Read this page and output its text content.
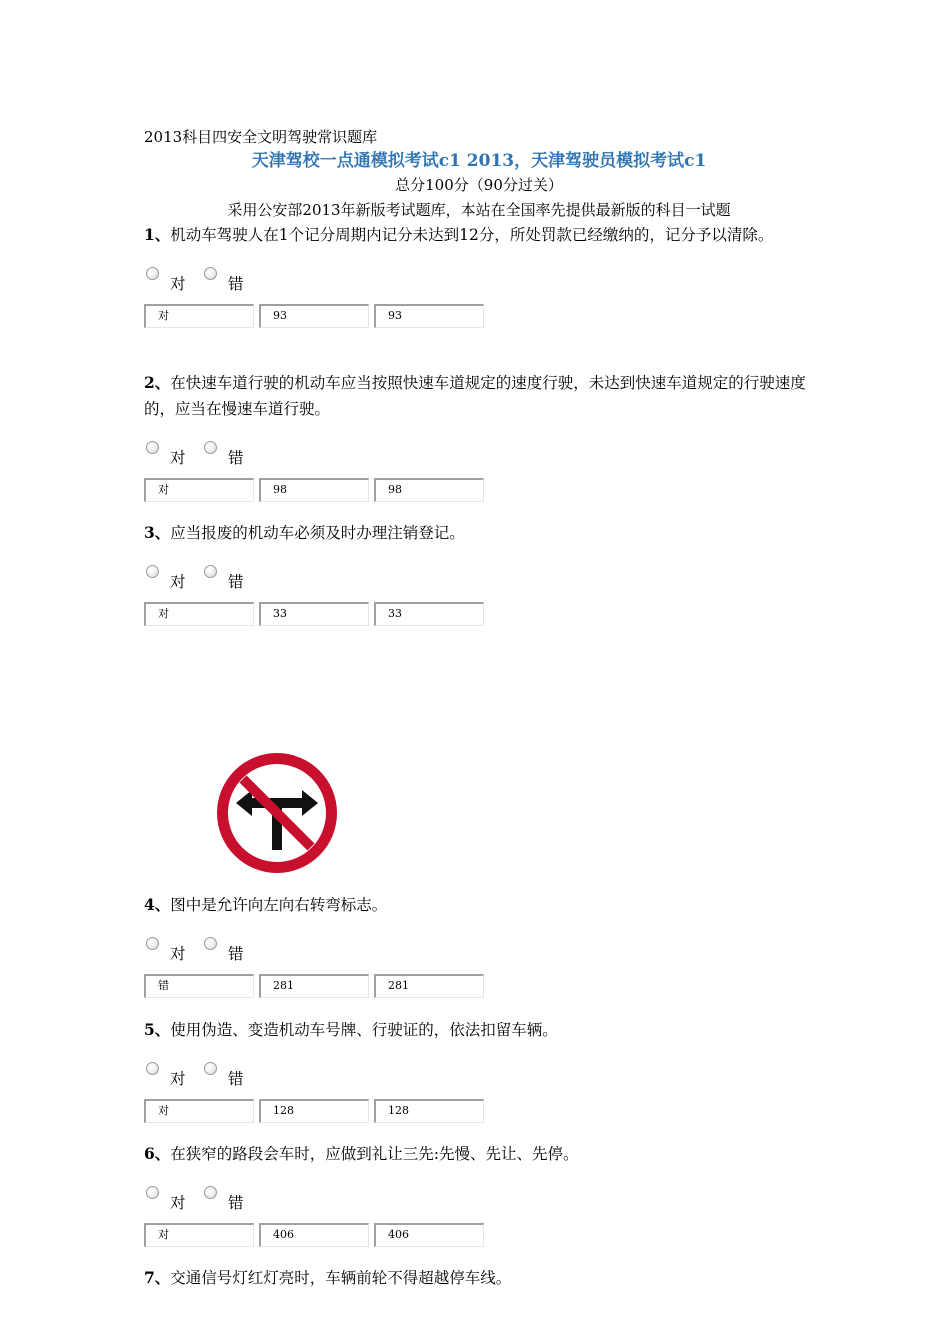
2013科目四安全文明驾驶常识题库
天津驾校一点通模拟考试c1 2013，天津驾驶员模拟考试c1
总分100分（90分过关）
采用公安部2013年新版考试题库，本站在全国率先提供最新版的科目一试题
1、机动车驾驶人在1个记分周期内记分未达到12分，所处罚款已经缴纳的，记分予以清除。
对	错
对	93	93
2、在快速车道行驶的机动车应当按照快速车道规定的速度行驶，未达到快速车道规定的行驶速度的，应当在慢速车道行驶。
对	错
对	98	98
3、应当报废的机动车必须及时办理注销登记。
对	错
对	33	33
4、图中是允许向左向右转弯标志。
对	错
错	281	281
5、使用伪造、变造机动车号牌、行驶证的，依法扣留车辆。
对	错
对	128	128
6、在狭窄的路段会车时，应做到礼让三先:先慢、先让、先停。
对	错
对	406	406
7、交通信号灯红灯亮时，车辆前轮不得超越停车线。
